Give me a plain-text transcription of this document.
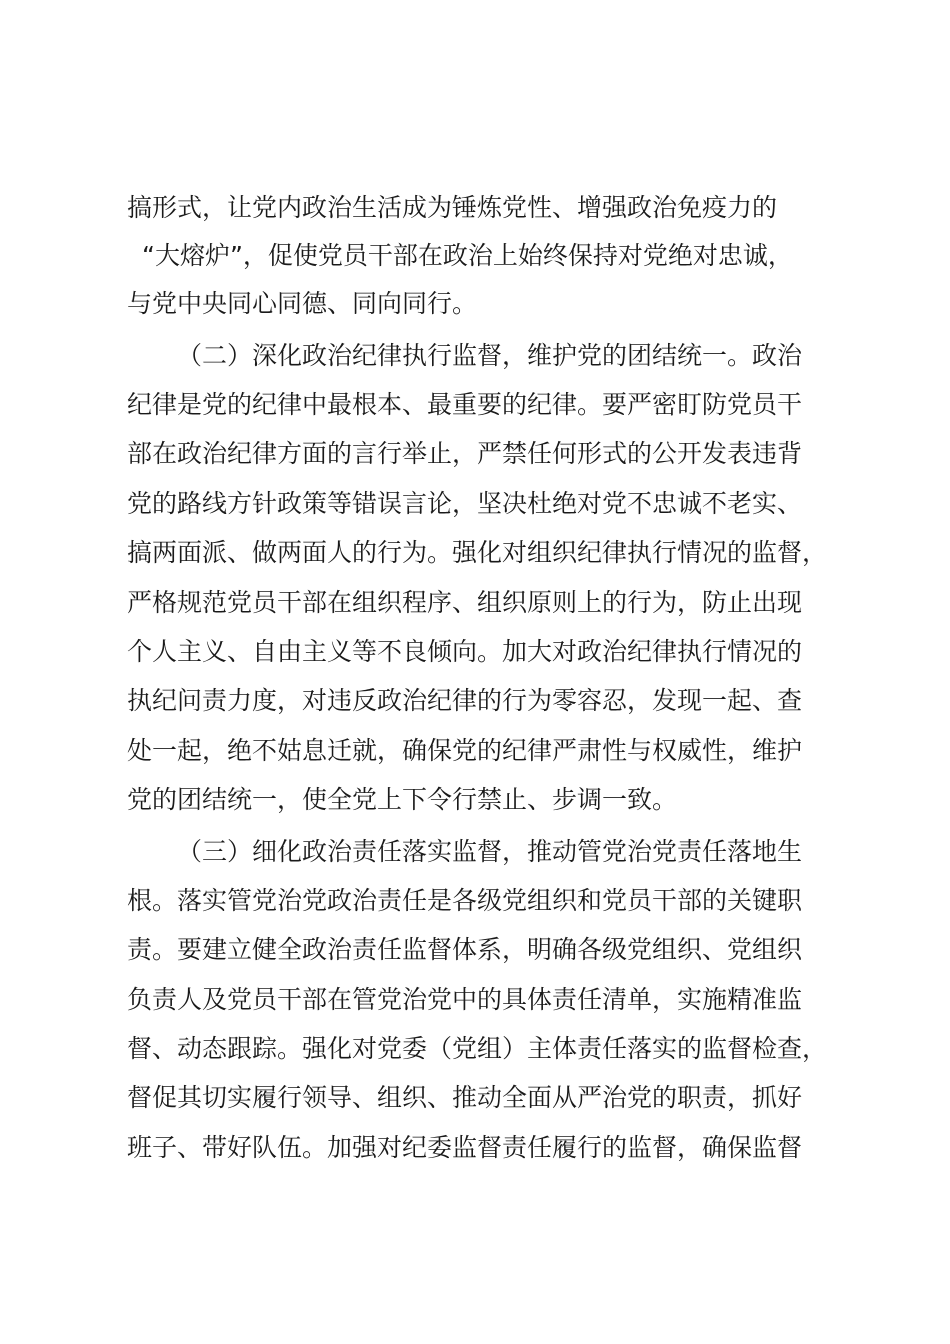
搞形式，让党内政治生活成为锤炼党性、增强政治免疫力的
“大熔炉”，促使党员干部在政治上始终保持对党绝对忠诚，
与党中央同心同德、同向同行。
（二）深化政治纪律执行监督，维护党的团结统一。政治
纪律是党的纪律中最根本、最重要的纪律。要严密盯防党员干
部在政治纪律方面的言行举止，严禁任何形式的公开发表违背
党的路线方针政策等错误言论，坚决杜绝对党不忠诚不老实、
搞两面派、做两面人的行为。强化对组织纪律执行情况的监督，
严格规范党员干部在组织程序、组织原则上的行为，防止出现
个人主义、自由主义等不良倾向。加大对政治纪律执行情况的
执纪问责力度，对违反政治纪律的行为零容忍，发现一起、查
处一起，绝不姑息迁就，确保党的纪律严肃性与权威性，维护
党的团结统一，使全党上下令行禁止、步调一致。
（三）细化政治责任落实监督，推动管党治党责任落地生
根。落实管党治党政治责任是各级党组织和党员干部的关键职
责。要建立健全政治责任监督体系，明确各级党组织、党组织
负责人及党员干部在管党治党中的具体责任清单，实施精准监
督、动态跟踪。强化对党委（党组）主体责任落实的监督检查，
督促其切实履行领导、组织、推动全面从严治党的职责，抓好
班子、带好队伍。加强对纪委监督责任履行的监督，确保监督
